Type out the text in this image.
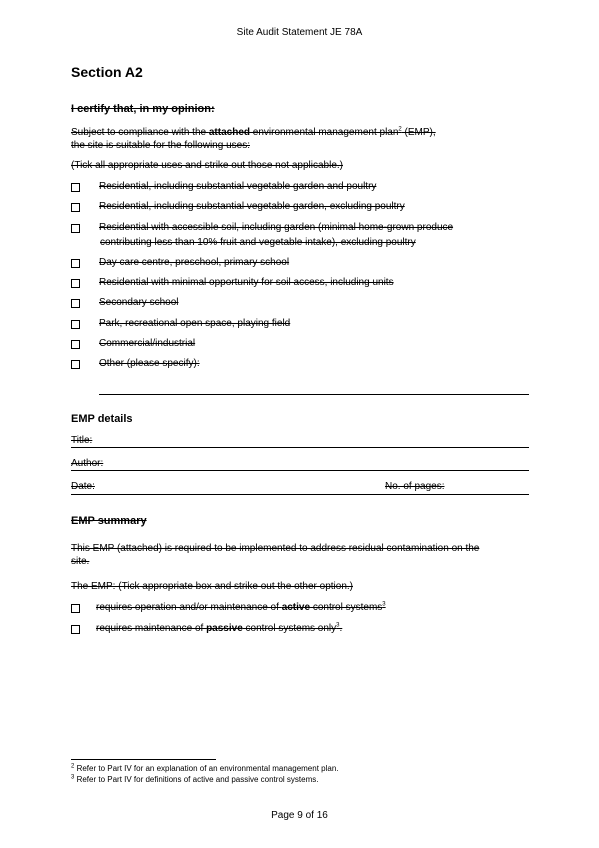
Site Audit Statement JE 78A
Section A2
I certify that, in my opinion:
Subject to compliance with the attached environmental management plan$^2$ (EMP),
the site is suitable for the following uses:
(Tick all appropriate uses and strike out those not applicable.)
Residential, including substantial vegetable garden and poultry
Residential, including substantial vegetable garden, excluding poultry
Residential with accessible soil, including garden (minimal home-grown produce
contributing less than 10% fruit and vegetable intake), excluding poultry
Day care centre, preschool, primary school
Residential with minimal opportunity for soil access, including units
Secondary school
Park, recreational open space, playing field
Commercial/industrial
Other (please specify):
EMP details
Title:
Author:
Date:	No. of pages:
EMP summary
This EMP (attached) is required to be implemented to address residual contamination on the
site.
The EMP: (Tick appropriate box and strike out the other option.)
requires operation and/or maintenance of active control systems$^3$
requires maintenance of passive control systems only$^3$.
$^2$ Refer to Part IV for an explanation of an environmental management plan.
$^3$ Refer to Part IV for definitions of active and passive control systems.
Page 9 of 16
